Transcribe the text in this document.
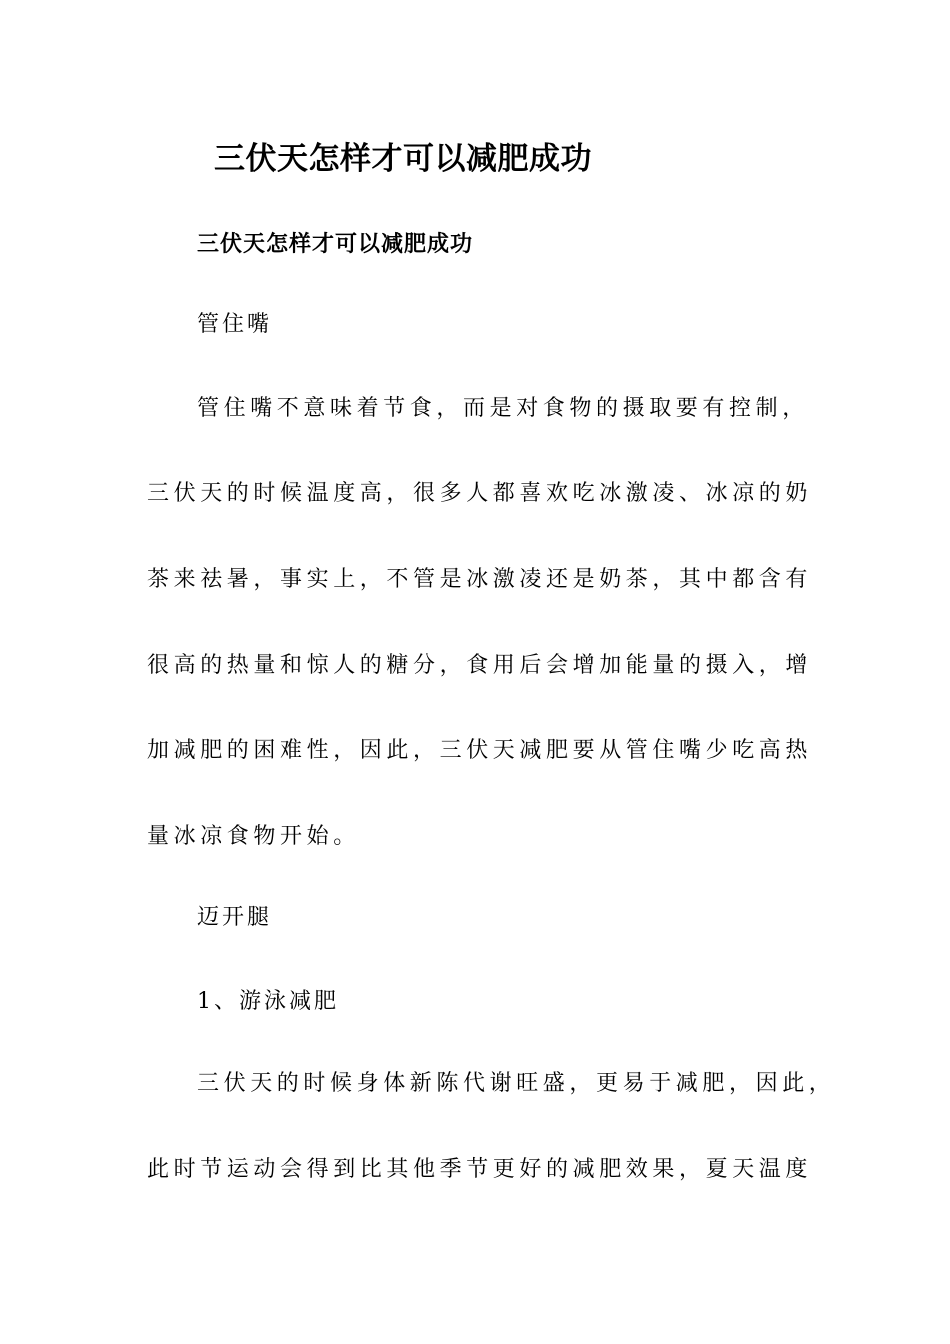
三伏天怎样才可以减肥成功
三伏天怎样才可以减肥成功
管住嘴
管住嘴不意味着节食，而是对食物的摄取要有控制，
三伏天的时候温度高，很多人都喜欢吃冰激凌、冰凉的奶
茶来祛暑，事实上，不管是冰激凌还是奶茶，其中都含有
很高的热量和惊人的糖分，食用后会增加能量的摄入，增
加减肥的困难性，因此，三伏天减肥要从管住嘴少吃高热
量冰凉食物开始。
迈开腿
1、游泳减肥
三伏天的时候身体新陈代谢旺盛，更易于减肥，因此，
此时节运动会得到比其他季节更好的减肥效果，夏天温度
